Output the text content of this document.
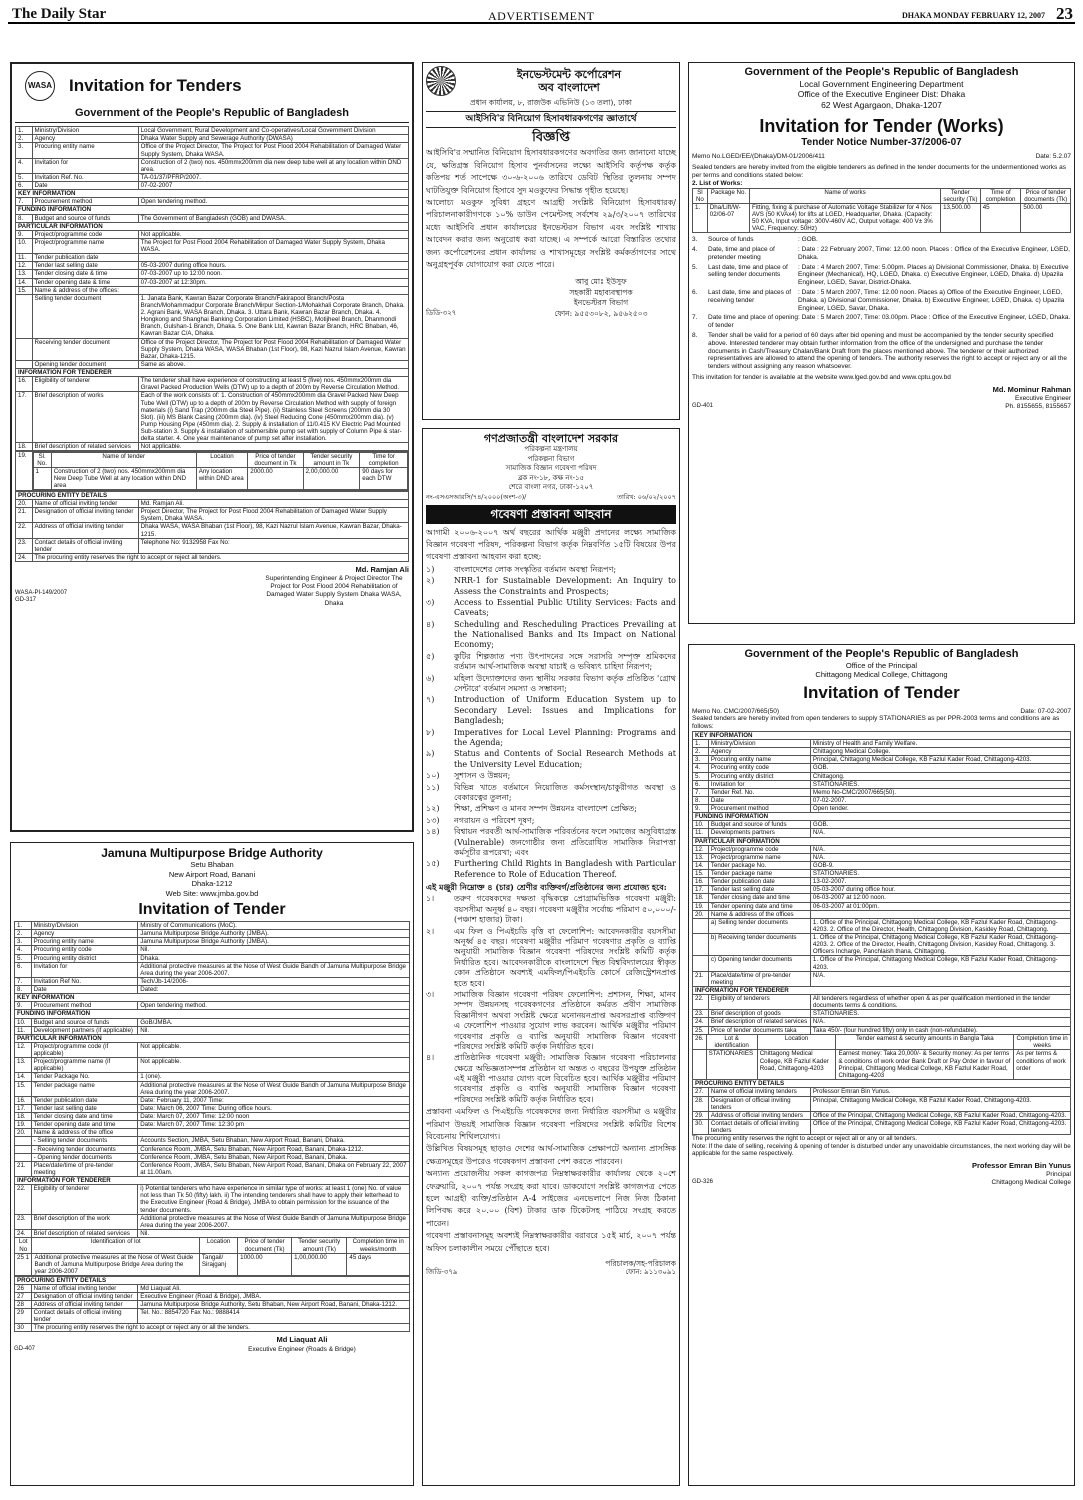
The Daily Star	ADVERTISEMENT	DHAKA MONDAY FEBRUARY 12, 2007 23
WASA Invitation for Tenders
Government of the People's Republic of Bangladesh
1.	Ministry/Division	Local Government, Rural Development and Co-operatives/Local Government Division
2.	Agency	Dhaka Water Supply and Sewerage Authority (DWASA)
3.	Procuring entity name	Office of the Project Director, The Project for Post Flood 2004 Rehabilitation of Damaged Water Supply System, Dhaka WASA.
4.	Invitation for	Construction of 2 (two) nos. 450mmx200mm dia new deep tube well at any location within DND area.
5.	Invitation Ref. No.	TA-01/37/PFRP/2007.
6.	Date	07-02-2007
KEY INFORMATION		
7.	Procurement method	Open tendering method.
FUNDING INFORMATION		
8.	Budget and source of funds	The Government of Bangladesh (GOB) and DWASA.
PARTICULAR INFORMATION		
9.	Project/programme code	Not applicable.
10.	Project/programme name	The Project for Post Flood 2004 Rehabilitation of Damaged Water Supply System, Dhaka WASA.
11.	Tender publication date	
12.	Tender last selling date	05-03-2007 during office hours.
13.	Tender closing date & time	07-03-2007 up to 12:00 noon.
14.	Tender opening date & time	07-03-2007 at 12:30pm.
15.	Name & address of the offices:	
	Selling tender document	1. Janata Bank, Kawran Bazar Corporate Branch/Fakirapool Branch/Posta Branch/Mohammadpur Corporate Branch/Mirpur Section-1/Mohakhali Corporate Branch, Dhaka. 2. Agrani Bank, WASA Branch, Dhaka. 3. Uttara Bank, Kawran Bazar Branch, Dhaka. 4. Hongkong and Shanghai Banking Corporation Limited (HSBC), Motijheel Branch, Dhanmondi Branch, Gulshan-1 Branch, Dhaka. 5. One Bank Ltd, Kawran Bazar Branch, HRC Bhaban, 46, Kawran Bazar C/A, Dhaka.
	Receiving tender document	Office of the Project Director, The Project for Post Flood 2004 Rehabilitation of Damaged Water Supply System, Dhaka WASA, WASA Bhaban (1st Floor), 98, Kazi Nazrul Islam Avenue, Kawran Bazar, Dhaka-1215.
	Opening tender document	Same as above.
INFORMATION FOR TENDERER		
16.	Eligibility of tenderer	The tenderer shall have experience of constructing at least 5 (five) nos. 450mmx200mm dia Gravel Packed Production Wells (DTW) up to a depth of 200m by Reverse Circulation Method.
17.	Brief description of works	Each of the work consists of: 1. Construction of 450mmx200mm dia Gravel Packed New Deep Tube Well (DTW) up to a depth of 200m by Reverse Circulation Method with supply of foreign materials (i) Sand Trap (200mm dia Steel Pipe). (ii) Stainless Steel Screens (200mm dia 30 Slot). (iii) MS Blank Casing (200mm dia). (iv) Steel Reducing Cone (450mmx200mm dia). (v) Pump Housing Pipe (450mm dia). 2. Supply & installation of 11/0.415 KV Electric Pad Mounted Sub-station 3. Supply & installation of submersible pump set with supply of Column Pipe & star-delta starter. 4. One year maintenance of pump set after installation.
18.	Brief description of related services	Not applicable.
19.	Sl. No.	Name of tender	Location	Price of tender document in Tk	Tender security amount in Tk	Time for completion
1	Construction of 2 (two) nos. 450mmx200mm dia New Deep Tube Well at any location within DND area	Any location within DND area	2000.00	2,00,000.00	90 days for each DTW
PROCURING ENTITY DETAILS		
20.	Name of official inviting tender	Md. Ramjan Ali.
21.	Designation of official inviting tender	Project Director, The Project for Post Flood 2004 Rehabilitation of Damaged Water Supply System, Dhaka WASA.
22.	Address of official inviting tender	Dhaka WASA, WASA Bhaban (1st Floor), 98, Kazi Nazrul Islam Avenue, Kawran Bazar, Dhaka-1215.
23.	Contact details of official inviting tender	Telephone No: 9132958 Fax No:
24.	The procuring entity reserves the right to accept or reject all tenders.	
Md. Ramjan Ali
Superintending Engineer & Project Director The Project for Post Flood 2004 Rehabilitation of Damaged Water Supply System Dhaka WASA, Dhaka
WASA-PI-149/2007
GD-317
ইনভেস্টমেন্ট কর্পোরেশন
অব বাংলাদেশ
প্রধান কার্যালয়, ৮, রাজউক এভিনিউ (১৩ তলা), ঢাকা
আইসিবি'র বিনিয়োগ হিসাবধারকগণের জ্ঞাতার্থে
বিজ্ঞপ্তি

আইসিবি'র সম্মানিত বিনিয়োগ হিসাবধারকগণের অবগতির জন্য জানানো যাচ্ছে যে, ক্ষতিগ্রস্ত বিনিয়োগ হিসাব পুনর্বাসনের লক্ষ্যে আইসিবি কর্তৃপক্ষ কর্তৃক কতিপয় শর্ত সাপেক্ষে ৩০-৬-২০০৬ তারিখে ডেবিট স্থিতির তুলনায় সম্পদ ঘাটতিযুক্ত বিনিয়োগ হিসাবে সুদ মওকুফের সিদ্ধান্ত গৃহীত হয়েছে।

আলোচ্য মওকুফ সুবিধা গ্রহণে আগ্রহী সংশ্লিষ্ট বিনিয়োগ হিসাবধারক/পরিচালনাকারীগণকে ১০% ডাউন পেমেন্টসহ সর্বশেষ ২৯/৩/২০০৭ তারিখের মধ্যে আইসিবি প্রধান কার্যালয়ের ইনভেস্টরস বিভাগ এবং সংশ্লিষ্ট শাখায় আবেদন করার জন্য অনুরোধ করা যাচ্ছে। এ সম্পর্কে আরো বিস্তারিত তথ্যের জন্য কর্পোরেশনের প্রধান কার্যালয় ও শাখাসমূহের সংশ্লিষ্ট কর্মকর্তাগণের সাথে অনুগ্রহপূর্বক যোগাযোগ করা যেতে পারে।

আবু মোঃ ইউসুফ
সহকারী মহাব্যবস্থাপক
ইনভেস্টরস বিভাগ
ফোন: ৯৫৫৩০৮২, ৯৫৬২৫০৩
ডিডি-৩২৭
গণপ্রজাতন্ত্রী বাংলাদেশ সরকার
পরিকল্পনা মন্ত্রণালয়
পরিকল্পনা বিভাগ
সামাজিক বিজ্ঞান গবেষণা পরিষদ
ব্লক নং-১৮, কক্ষ নং-১৫
শেরে বাংলা নগর, ঢাকা-১২০৭
নং-এসএসআরসি/৭৪/২০০০(অংশ-৩)/	তারিখ: ০৬/০২/২০০৭
গবেষণা প্রস্তাবনা আহবান

আগামী ২০০৬-২০০৭ অর্থ বছরের আর্থিক মঞ্জুরী প্রদানের লক্ষ্যে সামাজিক বিজ্ঞান গবেষণা পরিষদ, পরিকল্পনা বিভাগ কর্তৃক নিম্নবর্ণিত ১৫টি বিষয়ের উপর গবেষণা প্রস্তাবনা আহবান করা হচ্ছে:

১)	বাংলাদেশের লোক সংস্কৃতির বর্তমান অবস্থা নিরূপণ;
২)	NRR-1 for Sustainable Development: An Inquiry to Assess the Constraints and Prospects;
৩)	Access to Essential Public Utility Services: Facts and Caveats;
৪)	Scheduling and Rescheduling Practices Prevailing at the Nationalised Banks and Its Impact on National Economy;
৫)	কুটির শিল্পজাত পণ্য উৎপাদনের সঙ্গে সরাসরি সম্পৃক্ত শ্রমিকদের বর্তমান আর্থ-সামাজিক অবস্থা যাচাই ও ভবিষ্যৎ চাহিদা নিরূপণ;
৬)	মহিলা উদ্যোক্তাদের জন্য স্থানীয় সরকার বিভাগ কর্তৃক প্রতিষ্ঠিত 'গ্রোথ সেন্টারে' বর্তমান সমস্যা ও সম্ভাবনা;
৭)	Introduction of Uniform Education System up to Secondary Level: Issues and Implications for Bangladesh;
৮)	Imperatives for Local Level Planning: Programs and the Agenda;
৯)	Status and Contents of Social Research Methods at the University Level Education;
১০)	সুশাসন ও উন্নয়ন;
১১)	বিভিন্ন খাতে বর্তমানে নিয়োজিত কর্মসংস্থান/চাকুরীগত অবস্থা ও বেকারত্বের তুলনা;
১২)	শিক্ষা, প্রশিক্ষণ ও মানব সম্পদ উন্নয়নঃ বাংলাদেশ প্রেক্ষিত;
১৩)	নগরায়ন ও পরিবেশ দূষণ;
১৪)	বিশ্বায়ন পরবর্তী আর্থ-সামাজিক পরিবর্তনের ফলে সমাজের অসুবিধাগ্রস্ত (Vulnerable) জনগোষ্ঠীর জন্য প্রতিরোধিত সামাজিক নিরাপত্তা কর্মসূচীর রূপরেখা; এবং
১৫)	Furthering Child Rights in Bangladesh with Particular Reference to Role of Education Thereof.

এই মঞ্জুরী নিম্নোক্ত ৪ (চার) শ্রেণীর ব্যক্তিবর্গ/প্রতিষ্ঠানের জন্য প্রযোজ্য হবে:

১।	তরুণ গবেষকদের দক্ষতা বৃদ্ধিকল্পে প্রোগ্রামভিত্তিক গবেষণা মঞ্জুরী: বয়সসীমা অনূর্ধ্ব ৪০ বছর। গবেষণা মঞ্জুরীর সর্বোচ্চ পরিমাণ ৫০,০০০/- (পঞ্চাশ হাজার) টাকা।
২।	এম ফিল ও পিএইচডি বৃত্তি বা ফেলোশিপ: আবেদনকারীর বয়সসীমা অনূর্ধ্ব ৪৫ বছর। গবেষণা মঞ্জুরীর পরিমাণ গবেষণার প্রকৃতি ও ব্যাপ্তি অনুযায়ী সামাজিক বিজ্ঞান গবেষণা পরিষদের সংশ্লিষ্ট কমিটি কর্তৃক নির্ধারিত হবে। আবেদনকারীকে বাংলাদেশে স্থিত বিশ্ববিদ্যালয়ের স্বীকৃত কোন প্রতিষ্ঠানে অবশ্যই এমফিল/পিএইচডি কোর্সে রেজিস্ট্রেশনপ্রাপ্ত হতে হবে।
৩।	সামাজিক বিজ্ঞান গবেষণা পরিষদ ফেলোশিপ: প্রশাসন, শিক্ষা, মানব সম্পদ উন্নয়নসহ গবেষকগণের প্রতিষ্ঠানে কর্মরত প্রবীণ সামাজিক বিজ্ঞানীগণ অথবা সংশ্লিষ্ট ক্ষেত্রে মনোনয়নপ্রাপ্ত অবসরপ্রাপ্ত ব্যক্তিগণ এ ফেলোশিপ পাওয়ার সুযোগ লাভ করবেন। আর্থিক মঞ্জুরীর পরিমাণ গবেষণার প্রকৃতি ও ব্যাপ্তি অনুযায়ী সামাজিক বিজ্ঞান গবেষণা পরিষদের সংশ্লিষ্ট কমিটি কর্তৃক নির্ধারিত হবে।
৪।	প্রাতিষ্ঠানিক গবেষণা মঞ্জুরী: সামাজিক বিজ্ঞান গবেষণা পরিচালনার ক্ষেত্রে অভিজ্ঞতাসম্পন্ন প্রতিষ্ঠান যা অন্তত ৩ বছরের উপযুক্ত প্রতিষ্ঠান এই মঞ্জুরী পাওয়ার যোগ্য বলে বিবেচিত হবে। আর্থিক মঞ্জুরীর পরিমাণ গবেষণার প্রকৃতি ও ব্যাপ্তি অনুযায়ী সামাজিক বিজ্ঞান গবেষণা পরিষদের সংশ্লিষ্ট কমিটি কর্তৃক নির্ধারিত হবে।

প্রস্তাবনা এমফিল ও পিএইচডি গবেষকদের জন্য নির্ধারিত বয়সসীমা ও মঞ্জুরীর পরিমাণ উভয়ই সামাজিক বিজ্ঞান গবেষণা পরিষদের সংশ্লিষ্ট কমিটির বিশেষ বিবেচনায় শিথিলযোগ্য।

উল্লিখিত বিষয়সমূহ ছাড়াও দেশের আর্থ-সামাজিক প্রেক্ষাপটে অন্যান্য প্রাসঙ্গিক ক্ষেত্রসমূহের উপরেও গবেষকগণ প্রস্তাবনা পেশ করতে পারবেন।

অন্যান্য প্রয়োজনীয় সকল কাগজপত্র নিম্নস্বাক্ষরকারীর কার্যালয় থেকে ২০শে ফেব্রুয়ারি, ২০০৭ পর্যন্ত সংগ্রহ করা যাবে। ডাকযোগে সংশ্লিষ্ট কাগজপত্র পেতে হলে আগ্রহী ব্যক্তি/প্রতিষ্ঠান A-4 সাইজের এনভেলাপে নিজ নিজ ঠিকানা লিপিবদ্ধ করে ২০.০০ (বিশ) টাকার ডাক টিকেটসহ পাঠিয়ে সংগ্রহ করতে পারেন।

গবেষণা প্রস্তাবনাসমূহ অবশ্যই নিম্নস্বাক্ষরকারীর বরাবরে ১৫ই মার্চ, ২০০৭ পর্যন্ত অফিস চলাকালীন সময়ে পৌঁছাতে হবে।

পরিচালক/সহ-পরিচালক
জিডি-৩৭৯	ফোন: ৯১১৩০৯১
Government of the People's Republic of Bangladesh
Local Government Engineering Department
Office of the Executive Engineer Dist: Dhaka
62 West Agargaon, Dhaka-1207
Invitation for Tender (Works)
Tender Notice Number-37/2006-07
Memo No.LGED/EE/(Dhaka)/DM-01/2006/411	Date: 5.2.07

Sealed tenders are hereby invited from the eligible tenderers as defined in the tender documents for the undermentioned works as per terms and conditions stated below:

2. List of Works:
Sl No	Package No.	Name of works	Tender security (Tk)	Time of completion	Price of tender documents (Tk)
1.	Dha/Lift/W-02/06-07	Fitting, fixing & purchase of Automatic Voltage Stabilizer for 4 Nos AVS (50 KVAx4) for lifts at LGED, Headquarter, Dhaka. (Capacity: 50 KVA, Input voltage: 300V-460V AC, Output voltage: 400 V± 3% VAC, Frequency: 50Hz)	13,500.00	45	500.00
3.	Source of funds	: GOB.
4.	Date, time and place of pretender meeting
: Date : 22 February 2007, Time: 12.00 noon. Places : Office of the Executive Engineer, LGED, Dhaka.
5.	Last date, time and place of selling tender documents
: Date : 4 March 2007, Time: 5.00pm. Places a) Divisional Commissioner, Dhaka. b) Executive Engineer (Mechanical), HQ, LGED, Dhaka. c) Executive Engineer, LGED, Dhaka. d) Upazila Engineer, LGED, Savar, District-Dhaka.
6.	Last date, time and places of receiving tender
: Date : 5 March 2007, Time: 12.00 noon. Places a) Office of the Executive Engineer, LGED, Dhaka. a) Divisional Commissioner, Dhaka. b) Executive Engineer, LGED, Dhaka. c) Upazila Engineer, LGED, Savar, Dhaka.
7.	Date time and place of opening of tender
: Date : 5 March 2007, Time: 03.00pm. Place : Office of the Executive Engineer, LGED, Dhaka.
8.	Tender shall be valid for a period of 60 days after bid opening and must be accompanied by the tender security specified above. Interested tenderer may obtain further information from the office of the undersigned and purchase the tender documents in Cash/Treasury Chalan/Bank Draft from the places mentioned above. The tenderer or their authorized representatives are allowed to attend the opening of tenders. The authority reserves the right to accept or reject any or all the tenders without assigning any reason whatsoever.

This invitation for tender is available at the website www.lged.gov.bd and www.cptu.gov.bd

Md. Mominur Rahman
Executive Engineer
Ph. 8155655, 8155657
GD-401
Jamuna Multipurpose Bridge Authority
Setu Bhaban
New Airport Road, Banani
Dhaka-1212
Web Site: www.jmba.gov.bd
Invitation of Tender
1.	Ministry/Division	Ministry of Communications (MoC).
2.	Agency	Jamuna Multipurpose Bridge Authority (JMBA).
3.	Procuring entity name	Jamuna Multipurpose Bridge Authority (JMBA).
4.	Procuring entity code	Nil.
5.	Procuring entity district	Dhaka.
6.	Invitation for	Additional protective measures at the Nose of West Guide Bandh of Jamuna Multipurpose Bridge Area during the year 2006-2007.
7.	Invitation Ref No.	Tech/Jb-14/2006-
8.	Date	Dated:
KEY INFORMATION		
9.	Procurement method	Open tendering method.
FUNDING INFORMATION		
10.	Budget and source of funds	GoB/JMBA.
11.	Development partners (if applicable)	Nil.
PARTICULAR INFORMATION		
12.	Project/programme code (if applicable)	Not applicable.
13.	Project/programme name (if applicable)	Not applicable.
14.	Tender Package No.	1 (one).
15.	Tender package name	Additional protective measures at the Nose of West Guide Bandh of Jamuna Multipurpose Bridge Area during the year 2006-2007.
16.	Tender publication date	Date: February 11, 2007 Time:
17.	Tender last selling date	Date: March 06, 2007 Time: During office hours.
18.	Tender closing date and time	Date: March 07, 2007 Time: 12:00 noon
19.	Tender opening date and time	Date: March 07, 2007 Time: 12:30 pm
20.	Name & address of the office	
	- Selling tender documents	Accounts Section, JMBA, Setu Bhaban, New Airport Road, Banani, Dhaka.
	- Receiving tender documents	Conference Room, JMBA, Setu Bhaban, New Airport Road, Banani, Dhaka-1212.
	- Opening tender documents	Conference Room, JMBA, Setu Bhaban, New Airport Road, Banani, Dhaka.
21.	Place/date/time of pre-tender meeting	Conference Room, JMBA, Setu Bhaban, New Airport Road, Banani, Dhaka on February 22, 2007 at 11.00am.
INFORMATION FOR TENDERER		
22.	Eligibility of tenderer	i) Potential tenderers who have experience in similar type of works: at least 1 (one) No. of value not less than Tk 50 (fifty) lakh. ii) The intending tenderers shall have to apply their letterhead to the Executive Engineer (Road & Bridge), JMBA to obtain permission for the issuance of the tender documents.
23.	Brief description of the work	Additional protective measures at the Nose of West Guide Bandh of Jamuna Multipurpose Bridge Area during the year 2006-2007.
24.	Brief description of related services	Nil.
Lot No	Identification of lot	Location	Price of tender document (Tk)	Tender security amount (Tk)	Completion time in weeks/month
25 1	Additional protective measures at the Nose of West Guide Bandh of Jamuna Multipurpose Bridge Area during the year 2006-2007	Tangail/ Sirajganj	1000.00	1,00,000.00	45 days
PROCURING ENTITY DETAILS		
26	Name of official inviting tender	Md Liaquat Ali.
27	Designation of official inviting tender	Executive Engineer (Road & Bridge), JMBA.
28	Address of official inviting tender	Jamuna Multipurpose Bridge Authority, Setu Bhaban, New Airport Road, Banani, Dhaka-1212.
29	Contact details of official inviting tender	Tel. No.: 8854720 Fax No.: 9888414
30	The procuring entity reserves the right to accept or reject any or all the tenders.	
Md Liaquat Ali
Executive Engineer (Roads & Bridge)
GD-407
Government of the People's Republic of Bangladesh
Office of the Principal
Chittagong Medical College, Chittagong
Invitation of Tender
Memo No. CMC/2007/665(50)	Date: 07-02-2007

Sealed tenders are hereby invited from open tenderers to supply STATIONARIES as per PPR-2003 terms and conditions are as follows:

KEY INFORMATION		
1.	Ministry/Division	Ministry of Health and Family Welfare.
2.	Agency	Chittagong Medical College.
3.	Procuring entity name	Principal, Chittagong Medical College, KB Fazlul Kader Road, Chittagong-4203.
4.	Procuring entity code	GOB.
5.	Procuring entity district	Chittagong.
6.	Invitation for	STATIONARIES.
7.	Tender Ref. No.	Memo No-CMC/2007/665(50).
8.	Date	07-02-2007.
9.	Procurement method	Open tender.
FUNDING INFORMATION		
10.	Budget and source of funds	GOB.
11.	Developments partners	N/A.
PARTICULAR INFORMATION		
12.	Project/programme code	N/A.
13.	Project/programme name	N/A.
14.	Tender package No.	GOB-9.
15.	Tender package name	STATIONARIES.
16.	Tender publication date	13-02-2007.
17.	Tender last selling date	05-03-2007 during office hour.
18.	Tender closing date and time	06-03-2007 at 12:00 noon.
19.	Tender opening date and time	06-03-2007 at 01:00pm.
20.	Name & address of the offices	
	a) Selling tender documents	1. Office of the Principal, Chittagong Medical College, KB Fazlul Kader Road, Chittagong-4203. 2. Office of the Director, Health, Chittagong Division, Kasidey Road, Chittagong.
	b) Receiving tender documents	1. Office of the Principal, Chittagong Medical College, KB Fazlul Kader Road, Chittagong-4203. 2. Office of the Director, Health, Chittagong Division, Kasidey Road, Chittagong. 3. Officers Incharge, Panchlaish thana, Chittagong.
	c) Opening tender documents	1. Office of the Principal, Chittagong Medical College, KB Fazlul Kader Road, Chittagong-4203.
21.	Place/date/time of pre-tender meeting	N/A.
INFORMATION FOR TENDERER		
22.	Eligibility of tenderers	All tenderers regardless of whether open & as per qualification mentioned in the tender documents terms & conditions.
23.	Brief description of goods	STATIONARIES.
24.	Brief description of related services	N/A.
25.	Price of tender documents taka	Taka 450/- (four hundred fifty) only in cash (non-refundable).
26.	Lot & identification	Location	Tender earnest & security amounts in Bangla Taka	Completion time in weeks
	STATIONARIES	Chittagong Medical College, KB Fazlul Kader Road, Chittagong-4203	Earnest money: Taka 20,000/- & Security money: As per terms & conditions of work order Bank Draft or Pay Order in favour of Principal, Chittagong Medical College, KB Fazlul Kader Road, Chittagong-4203	As per terms & conditions of work order
PROCURING ENTITY DETAILS		
27.	Name of official inviting tenders	Professor Emran Bin Yunus.
28.	Designation of official inviting tenders	Principal, Chittagong Medical College, KB Fazlul Kader Road, Chittagong-4203.
29.	Address of official inviting tenders	Office of the Principal, Chittagong Medical College, KB Fazlul Kader Road, Chittagong-4203.
30.	Contact details of official inviting tenders	Office of the Principal, Chittagong Medical College, KB Fazlul Kader Road, Chittagong-4203.

The procuring entity reserves the right to accept or reject all or any or all tenders.

Note: If the date of selling, receiving & opening of tender is disturbed under any unavoidable circumstances, the next working day will be applicable for the same respectively.

Professor Emran Bin Yunus
Principal
Chittagong Medical College
GD-326
